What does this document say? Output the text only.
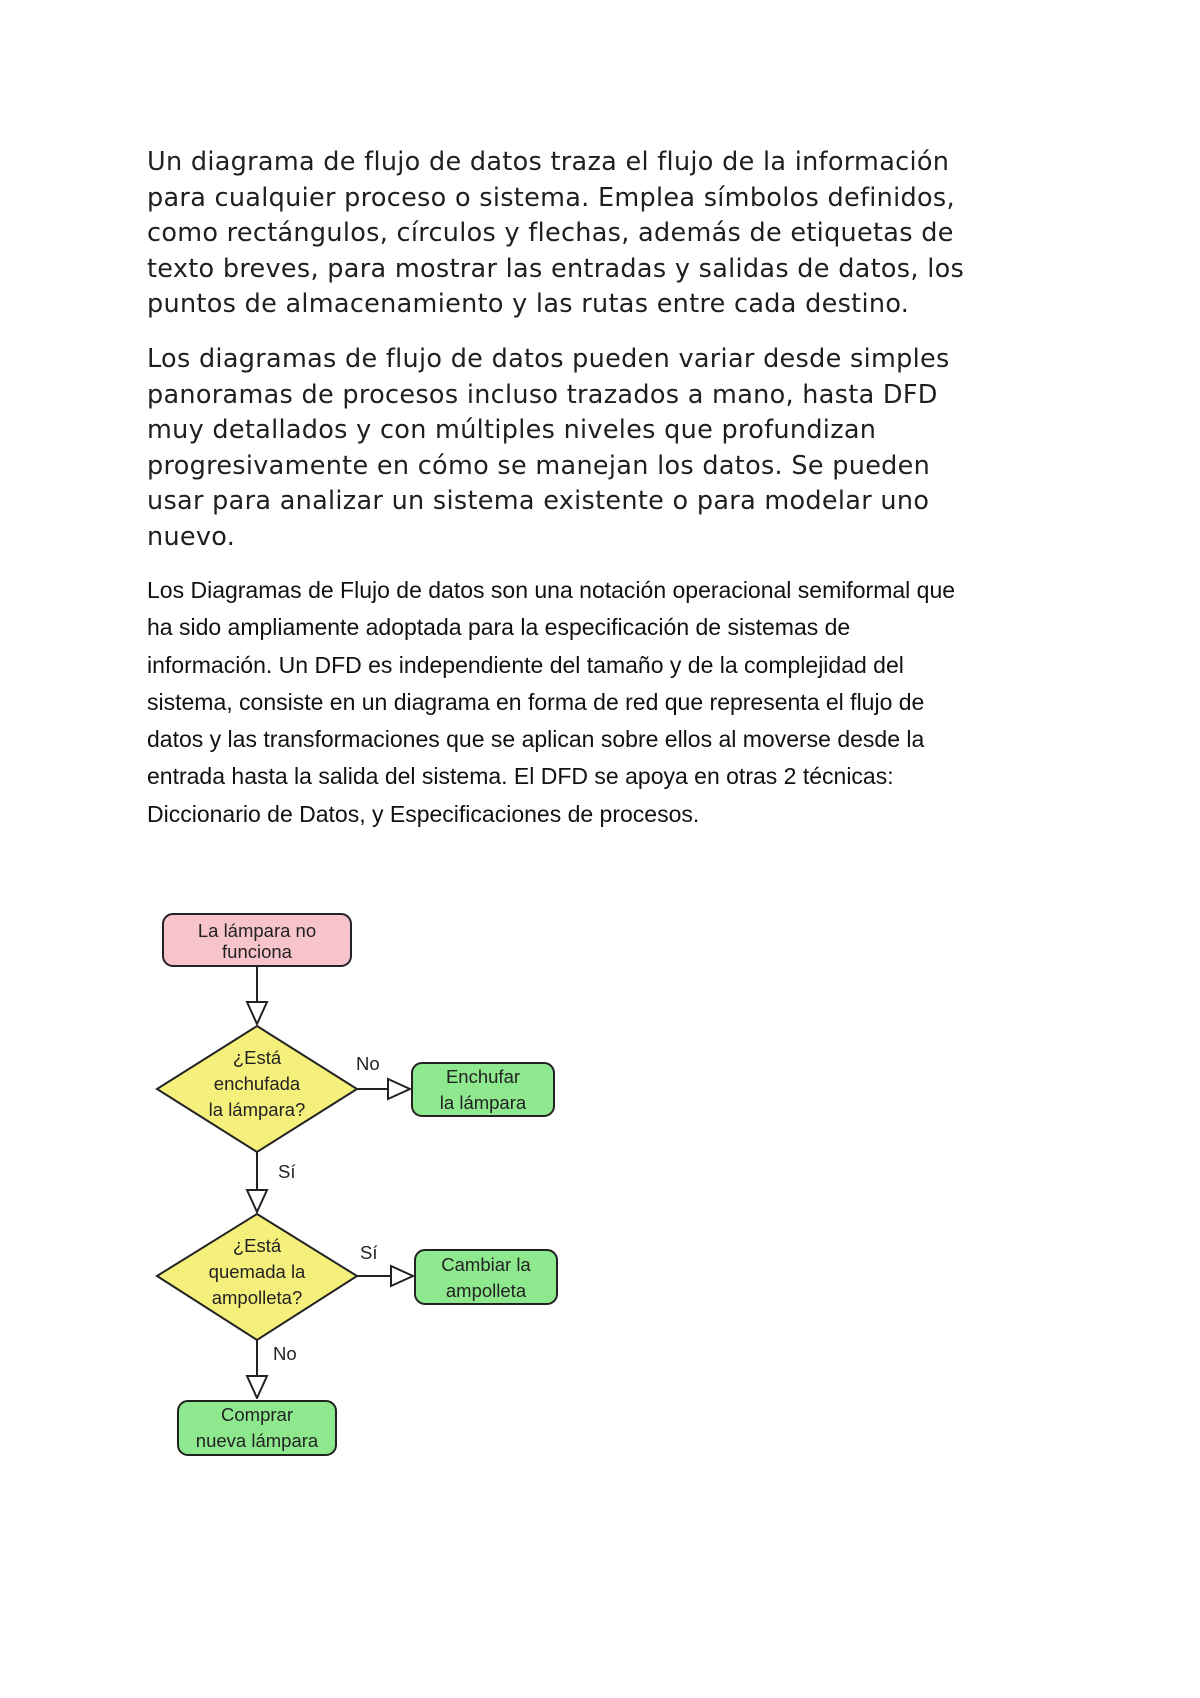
Un diagrama de flujo de datos traza el flujo de la información
para cualquier proceso o sistema. Emplea símbolos definidos,
como rectángulos, círculos y flechas, además de etiquetas de
texto breves, para mostrar las entradas y salidas de datos, los
puntos de almacenamiento y las rutas entre cada destino.

Los diagramas de flujo de datos pueden variar desde simples
panoramas de procesos incluso trazados a mano, hasta DFD
muy detallados y con múltiples niveles que profundizan
progresivamente en cómo se manejan los datos. Se pueden
usar para analizar un sistema existente o para modelar uno
nuevo.

Los Diagramas de Flujo de datos son una notación operacional semiformal que
ha sido ampliamente adoptada para la especificación de sistemas de
información. Un DFD es independiente del tamaño y de la complejidad del
sistema, consiste en un diagrama en forma de red que representa el flujo de
datos y las transformaciones que se aplican sobre ellos al moverse desde la
entrada hasta la salida del sistema. El DFD se apoya en otras 2 técnicas:
Diccionario de Datos, y Especificaciones de procesos.

La lámpara no
funciona
¿Está
enchufada
la lámpara?
No
Enchufar
la lámpara
Sí
¿Está
quemada la
ampolleta?
Sí
Cambiar la
ampolleta
No
Comprar
nueva lámpara
